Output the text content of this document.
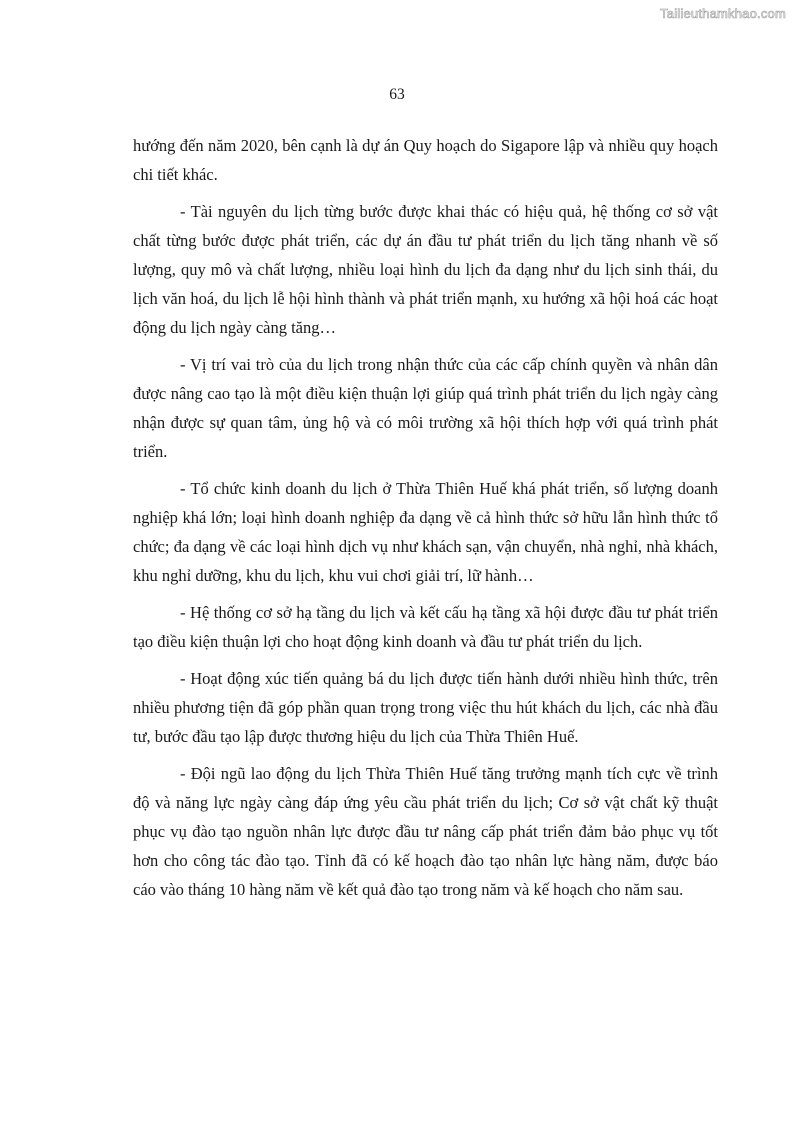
Tailieuthamkhao.com
63

hướng đến năm 2020, bên cạnh là dự án Quy hoạch do Sigapore lập và nhiều quy hoạch chi tiết khác.

- Tài nguyên du lịch từng bước được khai thác có hiệu quả, hệ thống cơ sở vật chất từng bước được phát triển, các dự án đầu tư phát triển du lịch tăng nhanh về số lượng, quy mô và chất lượng, nhiều loại hình du lịch đa dạng như du lịch sinh thái, du lịch văn hoá, du lịch lễ hội hình thành và phát triển mạnh, xu hướng xã hội hoá các hoạt động du lịch ngày càng tăng…

- Vị trí vai trò của du lịch trong nhận thức của các cấp chính quyền và nhân dân được nâng cao tạo là một điều kiện thuận lợi giúp quá trình phát triển du lịch ngày càng nhận được sự quan tâm, ủng hộ và có môi trường xã hội thích hợp với quá trình phát triển.

- Tổ chức kinh doanh du lịch ở Thừa Thiên Huế khá phát triển, số lượng doanh nghiệp khá lớn; loại hình doanh nghiệp đa dạng về cả hình thức sở hữu lẫn hình thức tổ chức; đa dạng về các loại hình dịch vụ như khách sạn, vận chuyển, nhà nghỉ, nhà khách, khu nghỉ dưỡng, khu du lịch, khu vui chơi giải trí, lữ hành…

- Hệ thống cơ sở hạ tầng du lịch và kết cấu hạ tầng xã hội được đầu tư phát triển tạo điều kiện thuận lợi cho hoạt động kinh doanh và đầu tư phát triển du lịch.

- Hoạt động xúc tiến quảng bá du lịch được tiến hành dưới nhiều hình thức, trên nhiều phương tiện đã góp phần quan trọng trong việc thu hút khách du lịch, các nhà đầu tư, bước đầu tạo lập được thương hiệu du lịch của Thừa Thiên Huế.

- Đội ngũ lao động du lịch Thừa Thiên Huế tăng trưởng mạnh tích cực về trình độ và năng lực ngày càng đáp ứng yêu cầu phát triển du lịch; Cơ sở vật chất kỹ thuật phục vụ đào tạo nguồn nhân lực được đầu tư nâng cấp phát triển đảm bảo phục vụ tốt hơn cho công tác đào tạo. Tỉnh đã có kế hoạch đào tạo nhân lực hàng năm, được báo cáo vào tháng 10 hàng năm về kết quả đào tạo trong năm và kế hoạch cho năm sau.
